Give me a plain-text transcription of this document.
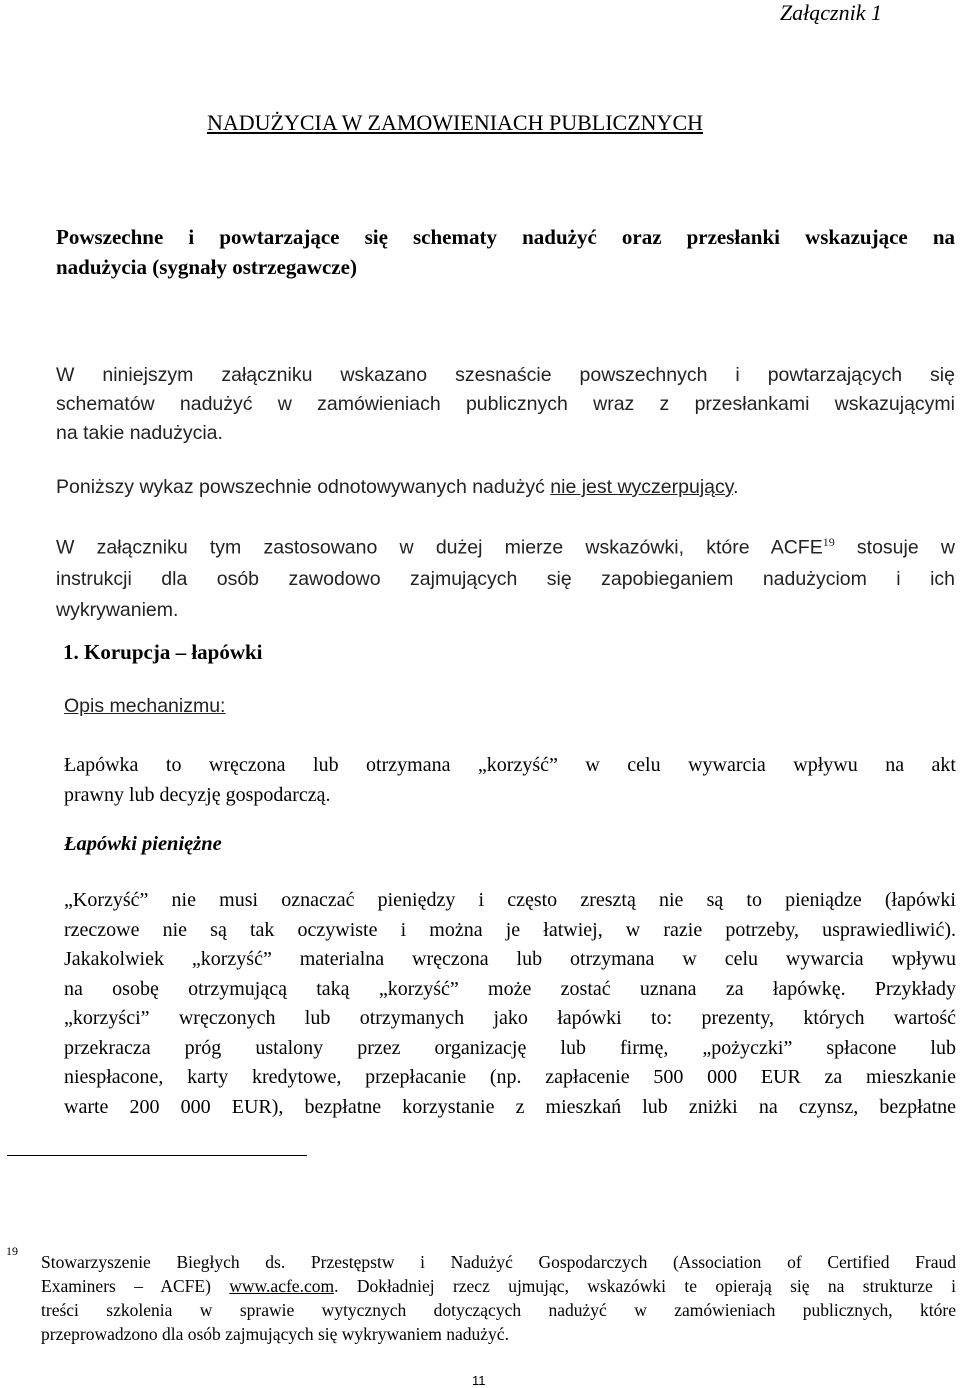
Załącznik 1
NADUŻYCIA W ZAMOWIENIACH PUBLICZNYCH
Powszechne i powtarzające się schematy nadużyć oraz przesłanki wskazujące na
nadużycia (sygnały ostrzegawcze)
W niniejszym załączniku wskazano szesnaście powszechnych i powtarzających się
schematów nadużyć w zamówieniach publicznych wraz z przesłankami wskazującymi
na takie nadużycia.
Poniższy wykaz powszechnie odnotowywanych nadużyć nie jest wyczerpujący.
W załączniku tym zastosowano w dużej mierze wskazówki, które ACFE$^{19}$ stosuje w
instrukcji dla osób zawodowo zajmujących się zapobieganiem nadużyciom i ich
wykrywaniem.
1. Korupcja – łapówki
Opis mechanizmu:
Łapówka to wręczona lub otrzymana „korzyść” w celu wywarcia wpływu na akt
prawny lub decyzję gospodarczą.
Łapówki pieniężne
„Korzyść” nie musi oznaczać pieniędzy i często zresztą nie są to pieniądze (łapówki
rzeczowe nie są tak oczywiste i można je łatwiej, w razie potrzeby, usprawiedliwić).
Jakakolwiek „korzyść” materialna wręczona lub otrzymana w celu wywarcia wpływu
na osobę otrzymującą taką „korzyść” może zostać uznana za łapówkę. Przykłady
„korzyści” wręczonych lub otrzymanych jako łapówki to: prezenty, których wartość
przekracza próg ustalony przez organizację lub firmę, „pożyczki” spłacone lub
niespłacone, karty kredytowe, przepłacanie (np. zapłacenie 500 000 EUR za mieszkanie
warte 200 000 EUR), bezpłatne korzystanie z mieszkań lub zniżki na czynsz, bezpłatne
19
Stowarzyszenie Biegłych ds. Przestępstw i Nadużyć Gospodarczych (Association of Certified Fraud
Examiners – ACFE) www.acfe.com. Dokładniej rzecz ujmując, wskazówki te opierają się na strukturze i
treści szkolenia w sprawie wytycznych dotyczących nadużyć w zamówieniach publicznych, które
przeprowadzono dla osób zajmujących się wykrywaniem nadużyć.
11
